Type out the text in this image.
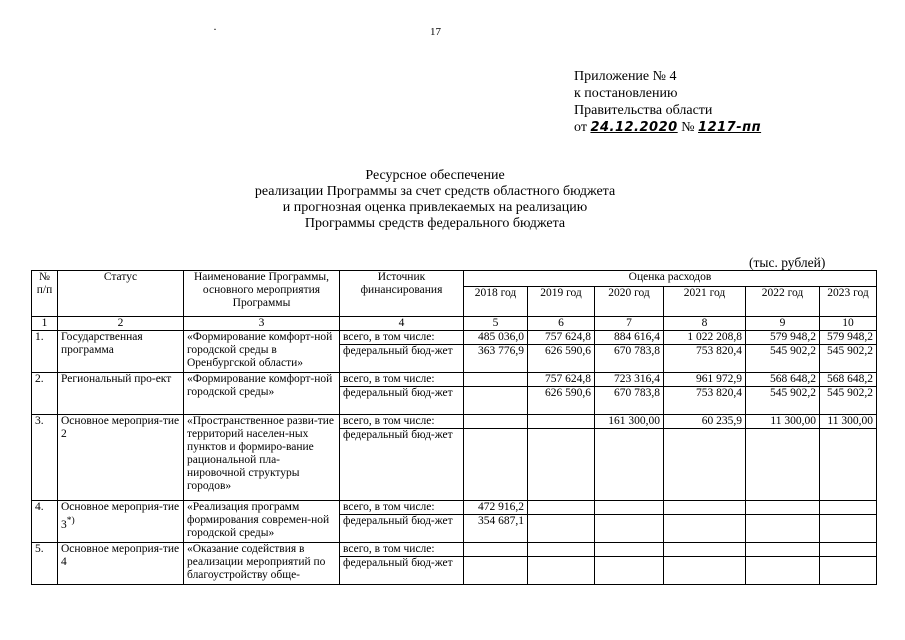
·	17
Приложение № 4
к постановлению
Правительства области
от 24.12.2020 № 1217-пп
Ресурсное обеспечение
реализации Программы за счет средств областного бюджета
и прогнозная оценка привлекаемых на реализацию
Программы средств федерального бюджета
(тыс. рублей)
№ п/п	Статус	Наименование Программы, основного мероприятия Программы	Источник финансирования	Оценка расходов					
				2018 год	2019 год	2020 год	2021 год	2022 год	2023 год
1	2	3	4	5	6	7	8	9	10
1.	Государственная программа	«Формирование комфорт-ной городской среды в Оренбургской области»	всего, в том числе:	485 036,0	757 624,8	884 616,4	1 022 208,8	579 948,2	579 948,2
			федеральный бюд-жет	363 776,9	626 590,6	670 783,8	753 820,4	545 902,2	545 902,2
2.	Региональный про-ект	«Формирование комфорт-ной городской среды»	всего, в том числе:		757 624,8	723 316,4	961 972,9	568 648,2	568 648,2
			федеральный бюд-жет		626 590,6	670 783,8	753 820,4	545 902,2	545 902,2
3.	Основное мероприя-тие 2	«Пространственное разви-тие территорий населен-ных пунктов и формиро-вание рациональной пла-нировочной структуры городов»	всего, в том числе:			161 300,00	60 235,9	11 300,00	11 300,00
			федеральный бюд-жет						
4.	Основное мероприя-тие 3*)	«Реализация программ формирования современ-ной городской среды»	всего, в том числе:	472 916,2					
			федеральный бюд-жет	354 687,1					
5.	Основное мероприя-тие 4	«Оказание содействия в реализации мероприятий по благоустройству обще-	всего, в том числе:						
			федеральный бюд-жет						
